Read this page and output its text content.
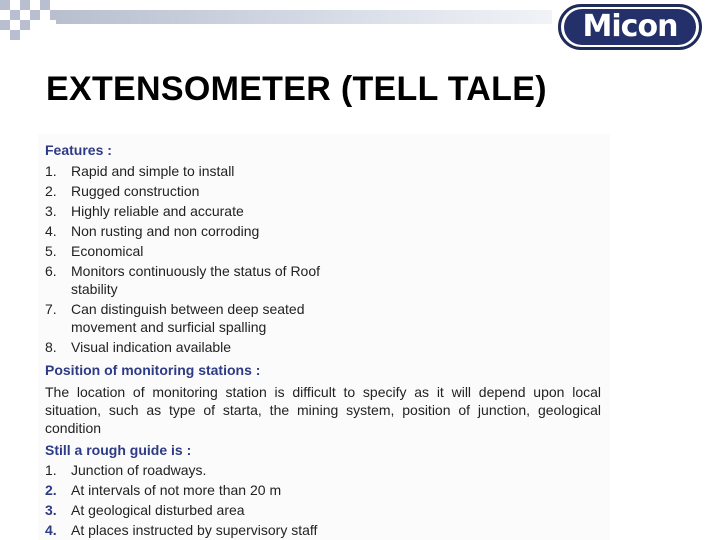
Micon
EXTENSOMETER (TELL TALE)
Features :
1. Rapid and simple to install
2. Rugged construction
3. Highly reliable and accurate
4. Non rusting and non corroding
5. Economical
6. Monitors continuously the status of Roof
stability
7. Can distinguish between deep seated
movement and surficial spalling
8. Visual indication available
Position of monitoring stations :
The location of monitoring station is difficult to specify as it will depend upon local situation, such as type of starta, the mining system, position of junction, geological condition
Still a rough guide is :
1. Junction of roadways.
2. At intervals of not more than 20 m
3. At geological disturbed area
4. At places instructed by supervisory staff
